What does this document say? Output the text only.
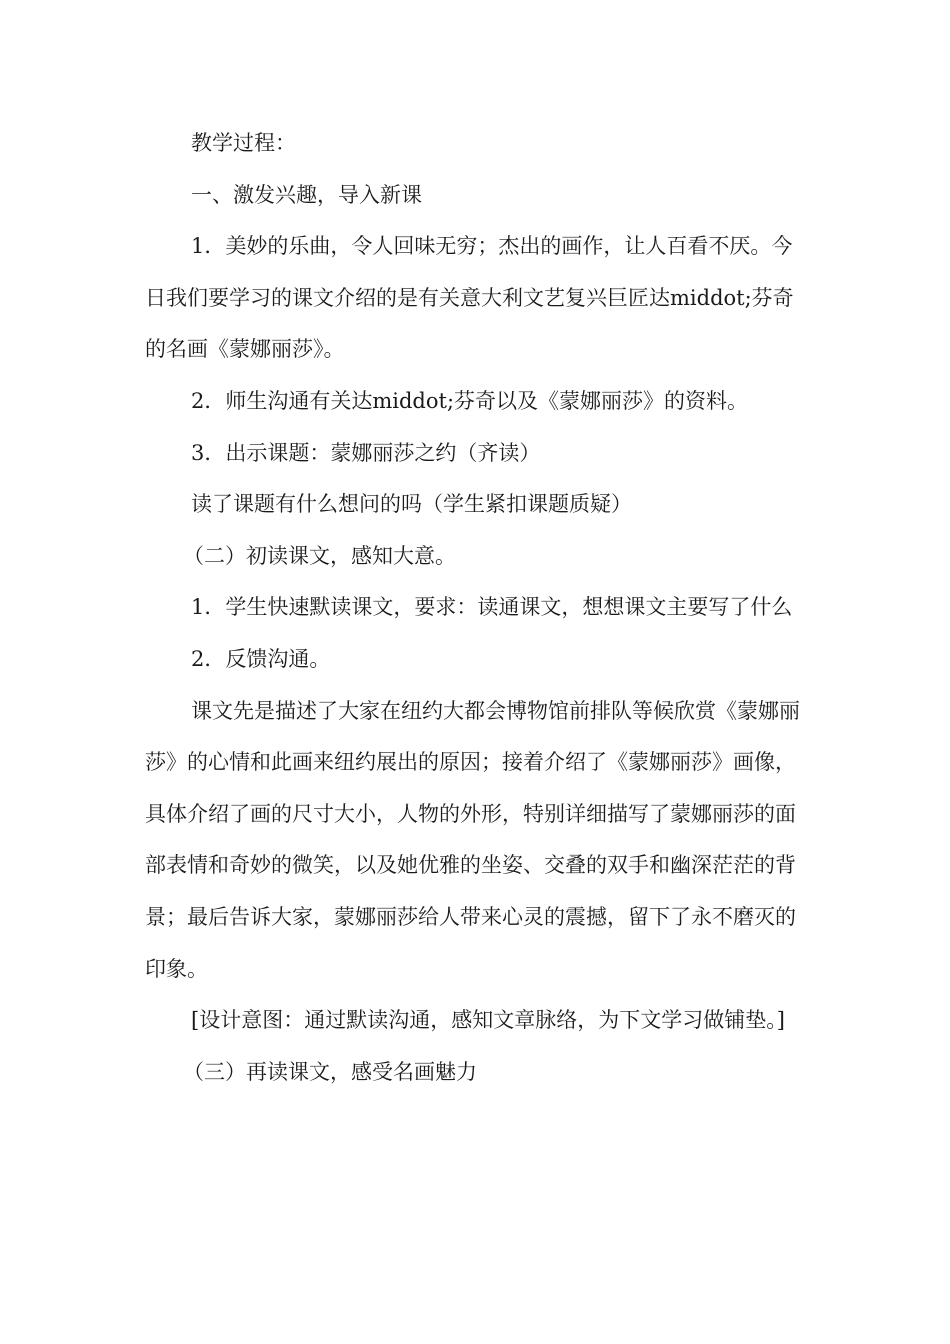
教学过程：

一、激发兴趣，导入新课

1．美妙的乐曲，令人回味无穷；杰出的画作，让人百看不厌。今日我们要学习的课文介绍的是有关意大利文艺复兴巨匠达middot;芬奇的名画《蒙娜丽莎》。

2．师生沟通有关达middot;芬奇以及《蒙娜丽莎》的资料。

3．出示课题：蒙娜丽莎之约（齐读）

读了课题有什么想问的吗（学生紧扣课题质疑）

（二）初读课文，感知大意。

1．学生快速默读课文，要求：读通课文，想想课文主要写了什么

2．反馈沟通。

课文先是描述了大家在纽约大都会博物馆前排队等候欣赏《蒙娜丽莎》的心情和此画来纽约展出的原因；接着介绍了《蒙娜丽莎》画像，具体介绍了画的尺寸大小，人物的外形，特别详细描写了蒙娜丽莎的面部表情和奇妙的微笑，以及她优雅的坐姿、交叠的双手和幽深茫茫的背景；最后告诉大家，蒙娜丽莎给人带来心灵的震撼，留下了永不磨灭的印象。

[设计意图：通过默读沟通，感知文章脉络，为下文学习做铺垫。]

（三）再读课文，感受名画魅力
